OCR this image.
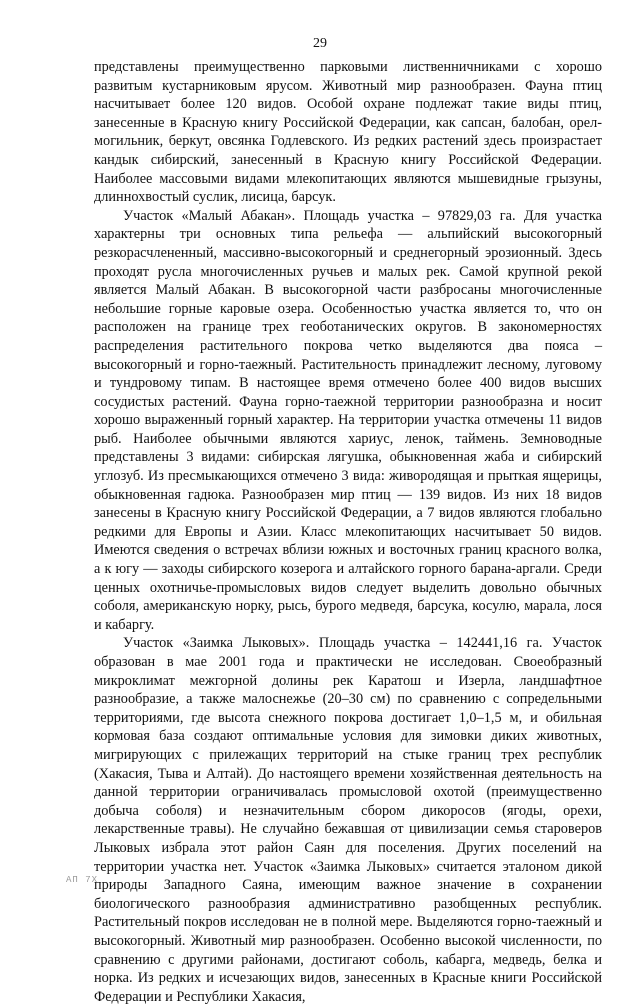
29

представлены преимущественно парковыми лиственничниками с хорошо развитым кустарниковым ярусом. Животный мир разнообразен. Фауна птиц насчитывает более 120 видов. Особой охране подлежат такие виды птиц, занесенные в Красную книгу Российской Федерации, как сапсан, балобан, орел-могильник, беркут, овсянка Годлевского. Из редких растений здесь произрастает кандык сибирский, занесенный в Красную книгу Российской Федерации. Наиболее массовыми видами млекопитающих являются мышевидные грызуны, длиннохвостый суслик, лисица, барсук.

Участок «Малый Абакан». Площадь участка – 97829,03 га. Для участка характерны три основных типа рельефа — альпийский высокогорный резкорасчлененный, массивно-высокогорный и среднегорный эрозионный. Здесь проходят русла многочисленных ручьев и малых рек. Самой крупной рекой является Малый Абакан. В высокогорной части разбросаны многочисленные небольшие горные каровые озера. Особенностью участка является то, что он расположен на границе трех геоботанических округов. В закономерностях распределения растительного покрова четко выделяются два пояса – высокогорный и горно-таежный. Растительность принадлежит лесному, луговому и тундровому типам. В настоящее время отмечено более 400 видов высших сосудистых растений. Фауна горно-таежной территории разнообразна и носит хорошо выраженный горный характер. На территории участка отмечены 11 видов рыб. Наиболее обычными являются хариус, ленок, таймень. Земноводные представлены 3 видами: сибирская лягушка, обыкновенная жаба и сибирский углозуб. Из пресмыкающихся отмечено 3 вида: живородящая и прыткая ящерицы, обыкновенная гадюка. Разнообразен мир птиц — 139 видов. Из них 18 видов занесены в Красную книгу Российской Федерации, а 7 видов являются глобально редкими для Европы и Азии. Класс млекопитающих насчитывает 50 видов. Имеются сведения о встречах вблизи южных и восточных границ красного волка, а к югу — заходы сибирского козерога и алтайского горного барана-аргали. Среди ценных охотничье-промысловых видов следует выделить довольно обычных соболя, американскую норку, рысь, бурого медведя, барсука, косулю, марала, лося и кабаргу.

Участок «Заимка Лыковых». Площадь участка – 142441,16 га. Участок образован в мае 2001 года и практически не исследован. Своеобразный микроклимат межгорной долины рек Каратош и Изерла, ландшафтное разнообразие, а также малоснежье (20–30 см) по сравнению с сопредельными территориями, где высота снежного покрова достигает 1,0–1,5 м, и обильная кормовая база создают оптимальные условия для зимовки диких животных, мигрирующих с прилежащих территорий на стыке границ трех республик (Хакасия, Тыва и Алтай). До настоящего времени хозяйственная деятельность на данной территории ограничивалась промысловой охотой (преимущественно добыча соболя) и незначительным сбором дикоросов (ягоды, орехи, лекарственные травы). Не случайно бежавшая от цивилизации семья староверов Лыковых избрала этот район Саян для поселения. Других поселений на территории участка нет. Участок «Заимка Лыковых» считается эталоном дикой природы Западного Саяна, имеющим важное значение в сохранении биологического разнообразия административно разобщенных республик. Растительный покров исследован не в полной мере. Выделяются горно-таежный и высокогорный. Животный мир разнообразен. Особенно высокой численности, по сравнению с другими районами, достигают соболь, кабарга, медведь, белка и норка. Из редких и исчезающих видов, занесенных в Красные книги Российской Федерации и Республики Хакасия,

АП 7Х
